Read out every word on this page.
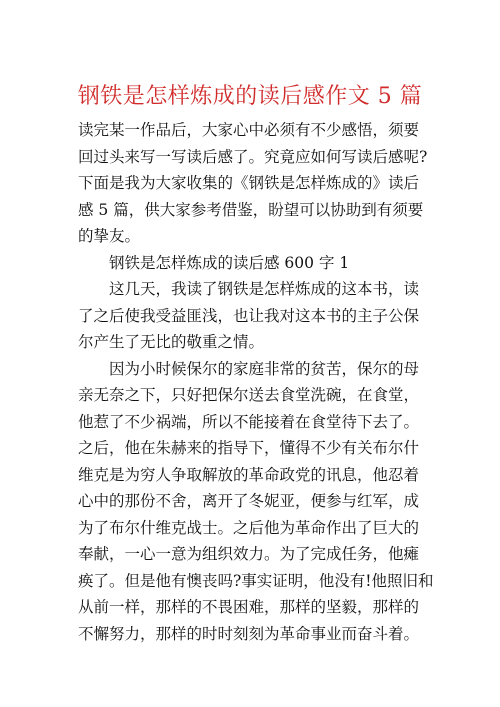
钢铁是怎样炼成的读后感作文 5 篇
读完某一作品后，大家心中必须有不少感悟，须要
回过头来写一写读后感了。究竟应如何写读后感呢?
下面是我为大家收集的《钢铁是怎样炼成的》读后
感 5 篇，供大家参考借鉴，盼望可以协助到有须要
的挚友。
钢铁是怎样炼成的读后感 600 字 1
这几天，我读了钢铁是怎样炼成的这本书，读
了之后使我受益匪浅，也让我对这本书的主子公保
尔产生了无比的敬重之情。
因为小时候保尔的家庭非常的贫苦，保尔的母
亲无奈之下，只好把保尔送去食堂洗碗，在食堂，
他惹了不少祸端，所以不能接着在食堂待下去了。
之后，他在朱赫来的指导下，懂得不少有关布尔什
维克是为穷人争取解放的革命政党的讯息，他忍着
心中的那份不舍，离开了冬妮亚，便参与红军，成
为了布尔什维克战士。之后他为革命作出了巨大的
奉献，一心一意为组织效力。为了完成任务，他瘫
痪了。但是他有懊丧吗?事实证明，他没有!他照旧和
从前一样，那样的不畏困难，那样的坚毅，那样的
不懈努力，那样的时时刻刻为革命事业而奋斗着。
